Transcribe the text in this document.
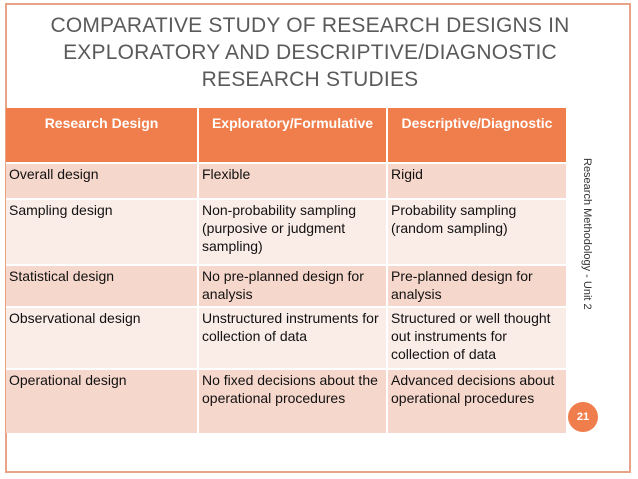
COMPARATIVE STUDY OF RESEARCH DESIGNS IN
EXPLORATORY AND DESCRIPTIVE/DIAGNOSTIC
RESEARCH STUDIES
Research Design	Exploratory/Formulative	Descriptive/Diagnostic
Overall design	Flexible	Rigid
Sampling design	Non-probability sampling (purposive or judgment sampling)	Probability sampling (random sampling)
Statistical design	No pre-planned design for analysis	Pre-planned design for analysis
Observational design	Unstructured instruments for collection of data	Structured or well thought out instruments for collection of data
Operational design	No fixed decisions about the operational procedures	Advanced decisions about operational procedures
Research Methodology - Unit 2
21
